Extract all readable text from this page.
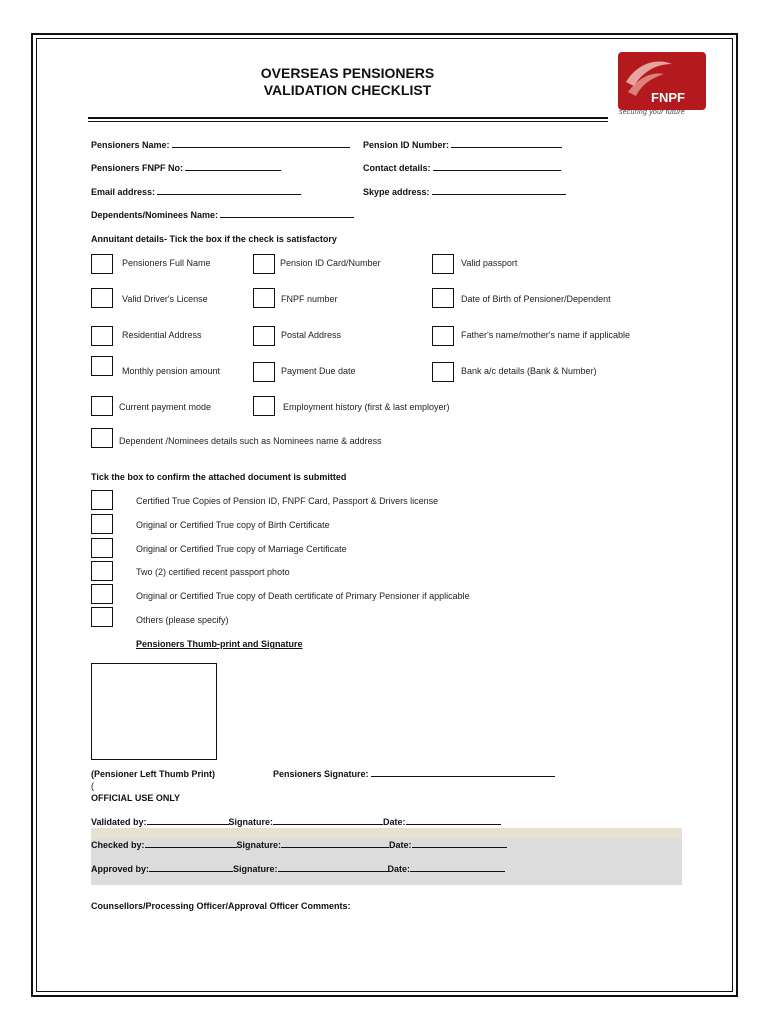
OVERSEAS PENSIONERS
VALIDATION CHECKLIST	FNPF
securing your future
Pensioners Name:	Pension ID Number:
Pensioners FNPF No:	Contact details:
Email address:	Skype address:
Dependents/Nominees Name:
Annuitant details- Tick the box if the check is satisfactory
Pensioners Full Name	Pension ID Card/Number	Valid passport
Valid Driver's License	FNPF number	Date of Birth of Pensioner/Dependent
Residential Address	Postal Address	Father's name/mother's name if applicable
Monthly pension amount	Payment Due date	Bank a/c details (Bank & Number)
Current payment mode	Employment history (first & last employer)
Dependent /Nominees details such as Nominees name & address
Tick the box to confirm the attached document is submitted
Certified True Copies of Pension ID, FNPF Card, Passport & Drivers license
Original or Certified True copy of Birth Certificate
Original or Certified True copy of Marriage Certificate
Two (2) certified recent passport photo
Original or Certified True copy of Death certificate of Primary Pensioner if applicable
Others (please specify)
Pensioners Thumb-print and Signature
(Pensioner Left Thumb Print)
(
Pensioners Signature:
OFFICIAL USE ONLY
Validated by:	Signature:	Date:
Checked by:	Signature:	Date:
Approved by:	Signature:	Date:
Counsellors/Processing Officer/Approval Officer Comments:
